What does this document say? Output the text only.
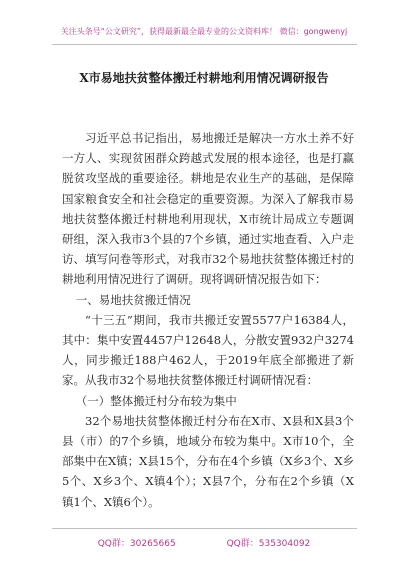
关注头条号“公文研究”，获得最新最全最专业的公文资料库！ 微信：gongwenyj
X市易地扶贫整体搬迁村耕地利用情况调研报告

习近平总书记指出，易地搬迁是解决一方水土养不好一方人、实现贫困群众跨越式发展的根本途径，也是打赢脱贫攻坚战的重要途径。耕地是农业生产的基础，是保障国家粮食安全和社会稳定的重要资源。为深入了解我市易地扶贫整体搬迁村耕地利用现状，X市统计局成立专题调研组，深入我市3个县的7个乡镇，通过实地查看、入户走访、填写问卷等形式，对我市32个易地扶贫整体搬迁村的耕地利用情况进行了调研。现将调研情况报告如下：

一、易地扶贫搬迁情况

“十三五”期间，我市共搬迁安置5577户16384人，其中：集中安置4457户12648人，分散安置932户3274人，同步搬迁188户462人，于2019年底全部搬进了新家。从我市32个易地扶贫整体搬迁村调研情况看：

（一）整体搬迁村分布较为集中

32个易地扶贫整体搬迁村分布在X市、X县和X县3个县（市）的7个乡镇，地域分布较为集中。X市10个，全部集中在X镇；X县15个，分布在4个乡镇（X乡3个、X乡5个、X乡3个、X镇4个）；X县7个，分布在2个乡镇（X镇1个、X镇6个）。

QQ群：30265665	QQ群：535304092
